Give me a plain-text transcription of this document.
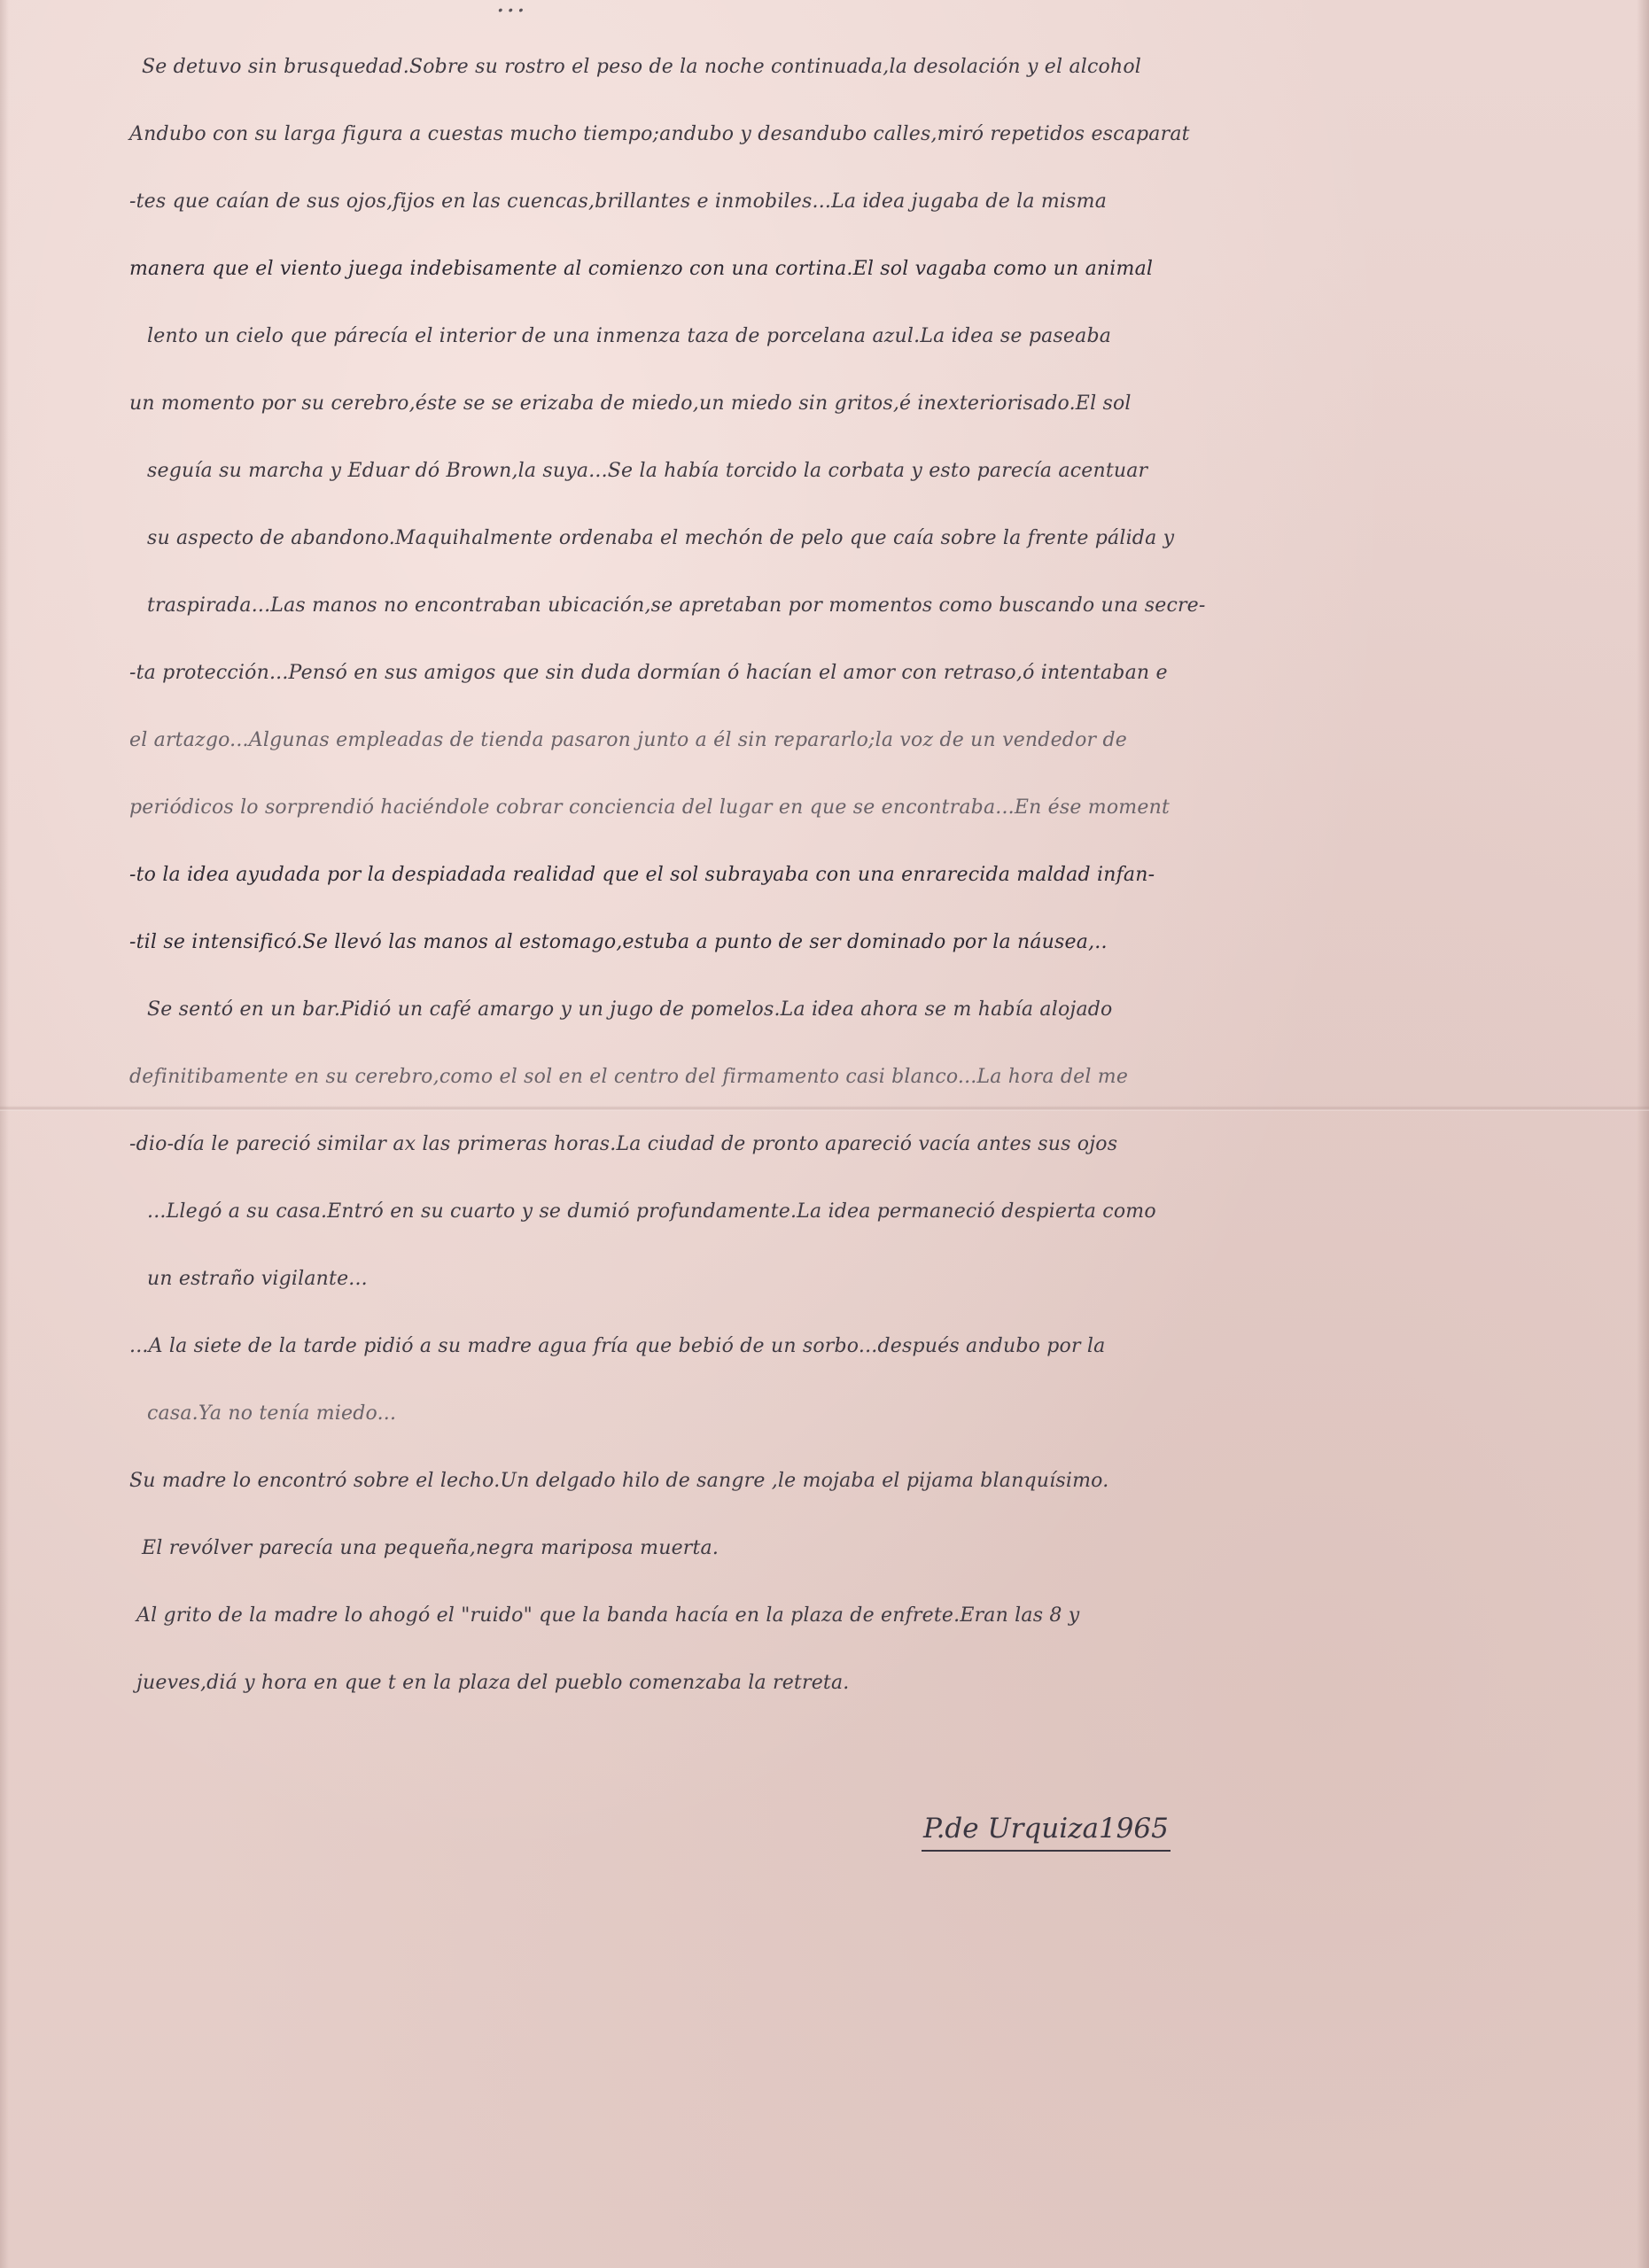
...
Se detuvo sin brusquedad.Sobre su rostro el peso de la noche continuada,la desolación y el alcohol
Andubo con su larga figura a cuestas mucho tiempo;andubo y desandubo calles,miró repetidos escaparat
-tes que caían de sus ojos,fijos en las cuencas,brillantes e inmobiles...La idea jugaba de la misma
manera que el viento juega indebisamente al comienzo con una cortina.El sol vagaba como un animal
lento un cielo que párecía el interior de una inmenza taza de porcelana azul.La idea se paseaba
un momento por su cerebro,éste se se erizaba de miedo,un miedo sin gritos,é inexteriorisado.El sol
seguía su marcha y Eduar dó Brown,la suya...Se la había torcido la corbata y esto parecía acentuar
su aspecto de abandono.Maquihalmente ordenaba el mechón de pelo que caía sobre la frente pálida y
traspirada...Las manos no encontraban ubicación,se apretaban por momentos como buscando una secre-
-ta protección...Pensó en sus amigos que sin duda dormían ó hacían el amor con retraso,ó intentaban e
el artazgo...Algunas empleadas de tienda pasaron junto a él sin repararlo;la voz de un vendedor de
periódicos lo sorprendió haciéndole cobrar conciencia del lugar en que se encontraba...En ése moment
-to la idea ayudada por la despiadada realidad que el sol subrayaba con una enrarecida maldad infan-
-til se intensificó.Se llevó las manos al estomago,estuba a punto de ser dominado por la náusea,..
Se sentó en un bar.Pidió un café amargo y un jugo de pomelos.La idea ahora se m había alojado
definitibamente en su cerebro,como el sol en el centro del firmamento casi blanco...La hora del me
-dio-día le pareció similar ax las primeras horas.La ciudad de pronto apareció vacía antes sus ojos
...Llegó a su casa.Entró en su cuarto y se dumió profundamente.La idea permaneció despierta como
un estraño vigilante...
...A la siete de la tarde pidió a su madre agua fría que bebió de un sorbo...después andubo por la
casa.Ya no tenía miedo...
Su madre lo encontró sobre el lecho.Un delgado hilo de sangre ,le mojaba el pijama blanquísimo.
El revólver parecía una pequeña,negra mariposa muerta.
Al grito de la madre lo ahogó el "ruido" que la banda hacía en la plaza de enfrete.Eran las 8 y
jueves,diá y hora en que t en la plaza del pueblo comenzaba la retreta.
P.de Urquiza1965
